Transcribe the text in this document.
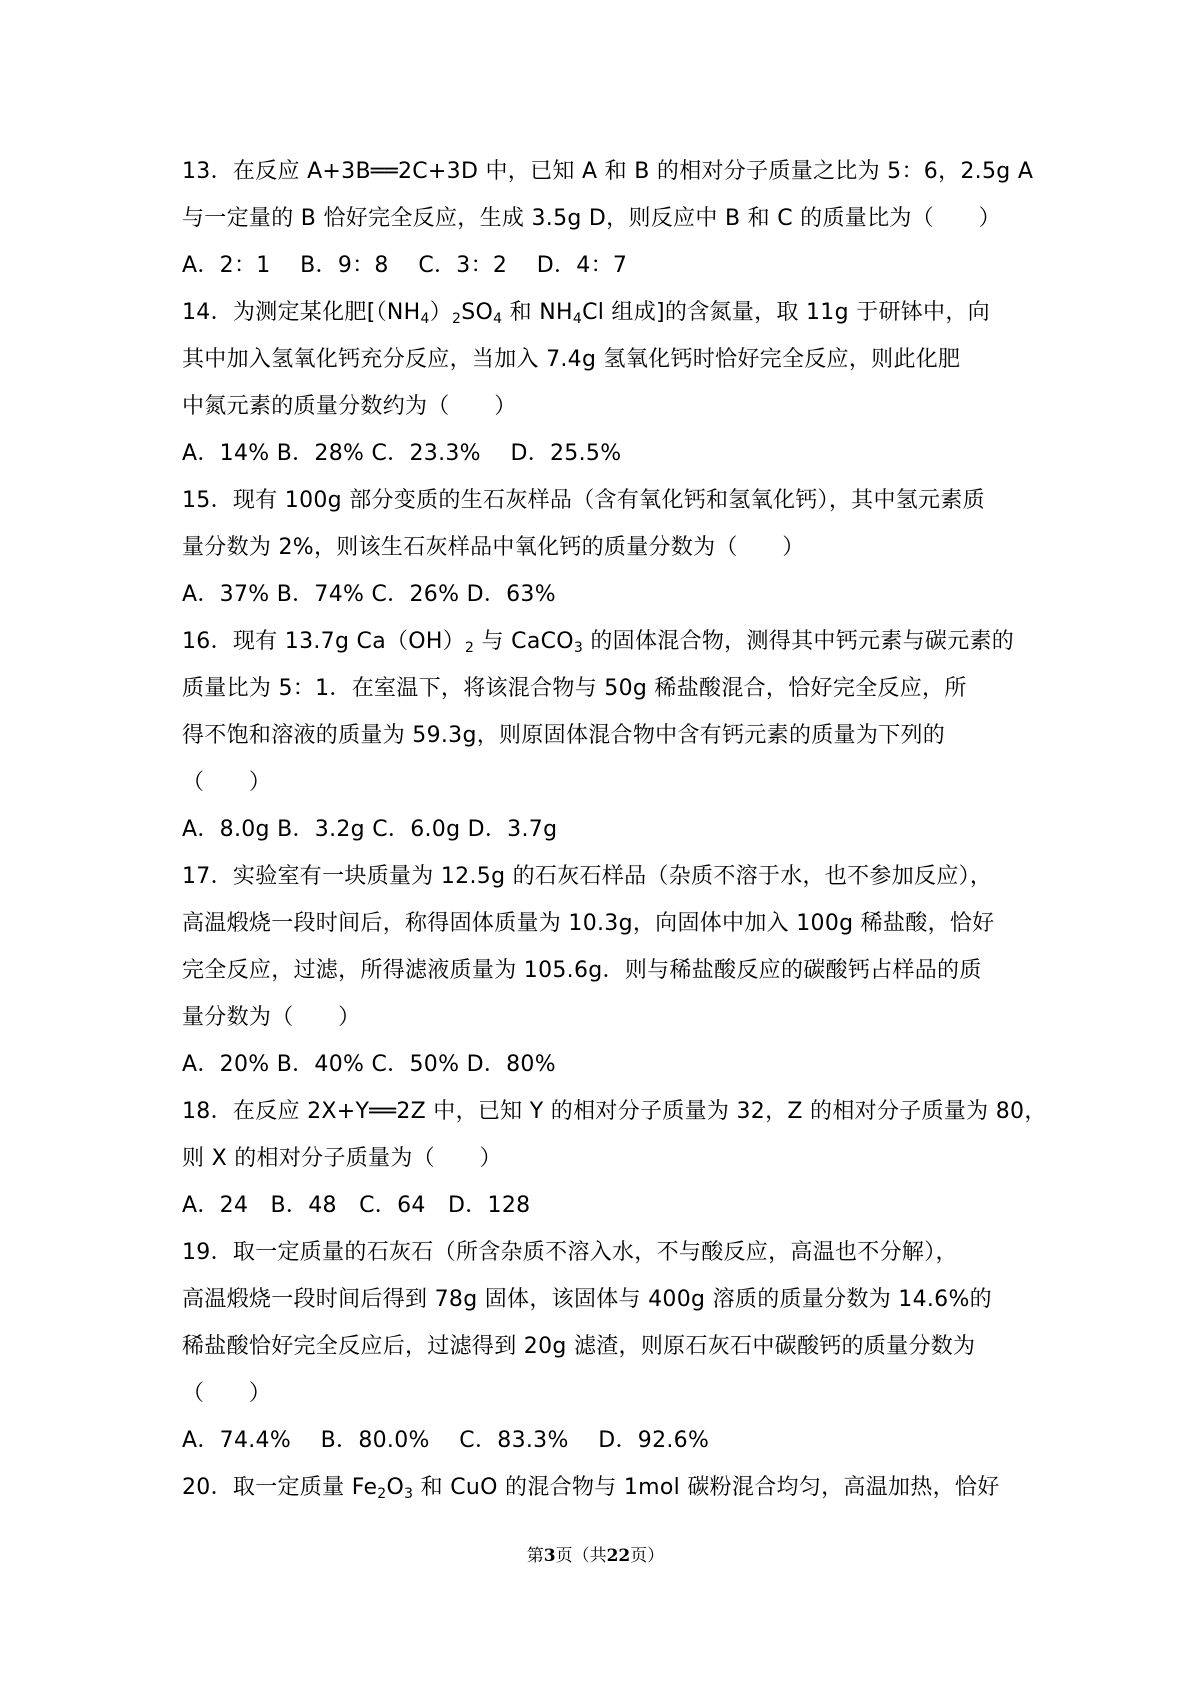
13．在反应 A+3B══2C+3D 中，已知 A 和 B 的相对分子质量之比为 5：6，2.5g A
与一定量的 B 恰好完全反应，生成 3.5g D，则反应中 B 和 C 的质量比为（　　）
A．2：1　 B．9：8　 C．3：2　 D．4：7
14．为测定某化肥[$(NH_4)_2SO_4$ 和 $NH_4Cl$ 组成]的含氮量，取 11g 于研钵中，向
其中加入氢氧化钙充分反应，当加入 7.4g 氢氧化钙时恰好完全反应，则此化肥
中氮元素的质量分数约为（　　）
A．14% B．28% C．23.3%　 D．25.5%
15．现有 100g 部分变质的生石灰样品（含有氧化钙和氢氧化钙），其中氢元素质
量分数为 2%，则该生石灰样品中氧化钙的质量分数为（　　）
A．37% B．74% C．26% D．63%
16．现有 13.7g $Ca(OH)_2$ 与 CaCO$_3$ 的固体混合物，测得其中钙元素与碳元素的
质量比为 5：1．在室温下，将该混合物与 50g 稀盐酸混合，恰好完全反应，所
得不饱和溶液的质量为 59.3g，则原固体混合物中含有钙元素的质量为下列的
（　　）
A．8.0g B．3.2g C．6.0g D．3.7g
17．实验室有一块质量为 12.5g 的石灰石样品（杂质不溶于水，也不参加反应），
高温煅烧一段时间后，称得固体质量为 10.3g，向固体中加入 100g 稀盐酸，恰好
完全反应，过滤，所得滤液质量为 105.6g．则与稀盐酸反应的碳酸钙占样品的质
量分数为（　　）
A．20% B．40% C．50% D．80%
18．在反应 2X+Y══2Z 中，已知 Y 的相对分子质量为 32，Z 的相对分子质量为 80，
则 X 的相对分子质量为（　　）
A．24　B．48　C．64　D．128
19．取一定质量的石灰石（所含杂质不溶入水，不与酸反应，高温也不分解），
高温煅烧一段时间后得到 78g 固体，该固体与 400g 溶质的质量分数为 14.6%的
稀盐酸恰好完全反应后，过滤得到 20g 滤渣，则原石灰石中碳酸钙的质量分数为
（　　）
A．74.4%　 B．80.0%　 C．83.3%　 D．92.6%
20．取一定质量 $Fe_2O_3$ 和 CuO 的混合物与 1mol 碳粉混合均匀，高温加热，恰好
第3页（共22页）
